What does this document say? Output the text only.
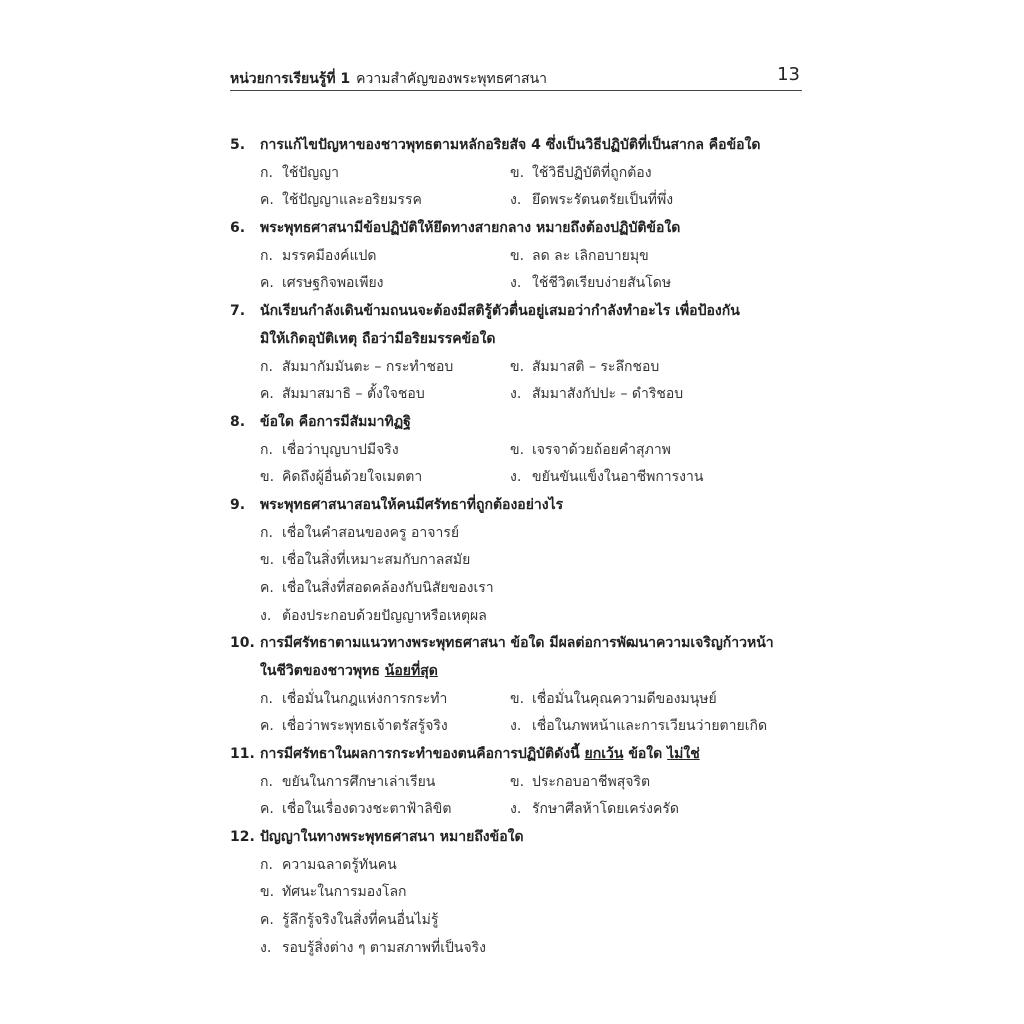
หน่วยการเรียนรู้ที่ 1 ความสำคัญของพระพุทธศาสนา	13
5. การแก้ไขปัญหาของชาวพุทธตามหลักอริยสัจ 4 ซึ่งเป็นวิธีปฏิบัติที่เป็นสากล คือข้อใด
ก. ใช้ปัญญา	ข. ใช้วิธีปฏิบัติที่ถูกต้อง
ค. ใช้ปัญญาและอริยมรรค	ง. ยึดพระรัตนตรัยเป็นที่พึ่ง
6. พระพุทธศาสนามีข้อปฏิบัติให้ยึดทางสายกลาง หมายถึงต้องปฏิบัติข้อใด
ก. มรรคมีองค์แปด	ข. ลด ละ เลิกอบายมุข
ค. เศรษฐกิจพอเพียง	ง. ใช้ชีวิตเรียบง่ายสันโดษ
7. นักเรียนกำลังเดินข้ามถนนจะต้องมีสติรู้ตัวตื่นอยู่เสมอว่ากำลังทำอะไร เพื่อป้องกัน
มิให้เกิดอุบัติเหตุ ถือว่ามีอริยมรรคข้อใด
ก. สัมมากัมมันตะ – กระทำชอบ	ข. สัมมาสติ – ระลึกชอบ
ค. สัมมาสมาธิ – ตั้งใจชอบ	ง. สัมมาสังกัปปะ – ดำริชอบ
8. ข้อใด คือการมีสัมมาทิฏฐิ
ก. เชื่อว่าบุญบาปมีจริง	ข. เจรจาด้วยถ้อยคำสุภาพ
ข. คิดถึงผู้อื่นด้วยใจเมตตา	ง. ขยันขันแข็งในอาชีพการงาน
9. พระพุทธศาสนาสอนให้คนมีศรัทธาที่ถูกต้องอย่างไร
ก. เชื่อในคำสอนของครู อาจารย์
ข. เชื่อในสิ่งที่เหมาะสมกับกาลสมัย
ค. เชื่อในสิ่งที่สอดคล้องกับนิสัยของเรา
ง. ต้องประกอบด้วยปัญญาหรือเหตุผล
10. การมีศรัทธาตามแนวทางพระพุทธศาสนา ข้อใด มีผลต่อการพัฒนาความเจริญก้าวหน้า
ในชีวิตของชาวพุทธ น้อยที่สุด
ก. เชื่อมั่นในกฎแห่งการกระทำ	ข. เชื่อมั่นในคุณความดีของมนุษย์
ค. เชื่อว่าพระพุทธเจ้าตรัสรู้จริง	ง. เชื่อในภพหน้าและการเวียนว่ายตายเกิด
11. การมีศรัทธาในผลการกระทำของตนคือการปฏิบัติดังนี้ ยกเว้น ข้อใด ไม่ใช่
ก. ขยันในการศึกษาเล่าเรียน	ข. ประกอบอาชีพสุจริต
ค. เชื่อในเรื่องดวงชะตาฟ้าลิขิต	ง. รักษาศีลห้าโดยเคร่งครัด
12. ปัญญาในทางพระพุทธศาสนา หมายถึงข้อใด
ก. ความฉลาดรู้ทันคน
ข. ทัศนะในการมองโลก
ค. รู้ลึกรู้จริงในสิ่งที่คนอื่นไม่รู้
ง. รอบรู้สิ่งต่าง ๆ ตามสภาพที่เป็นจริง
